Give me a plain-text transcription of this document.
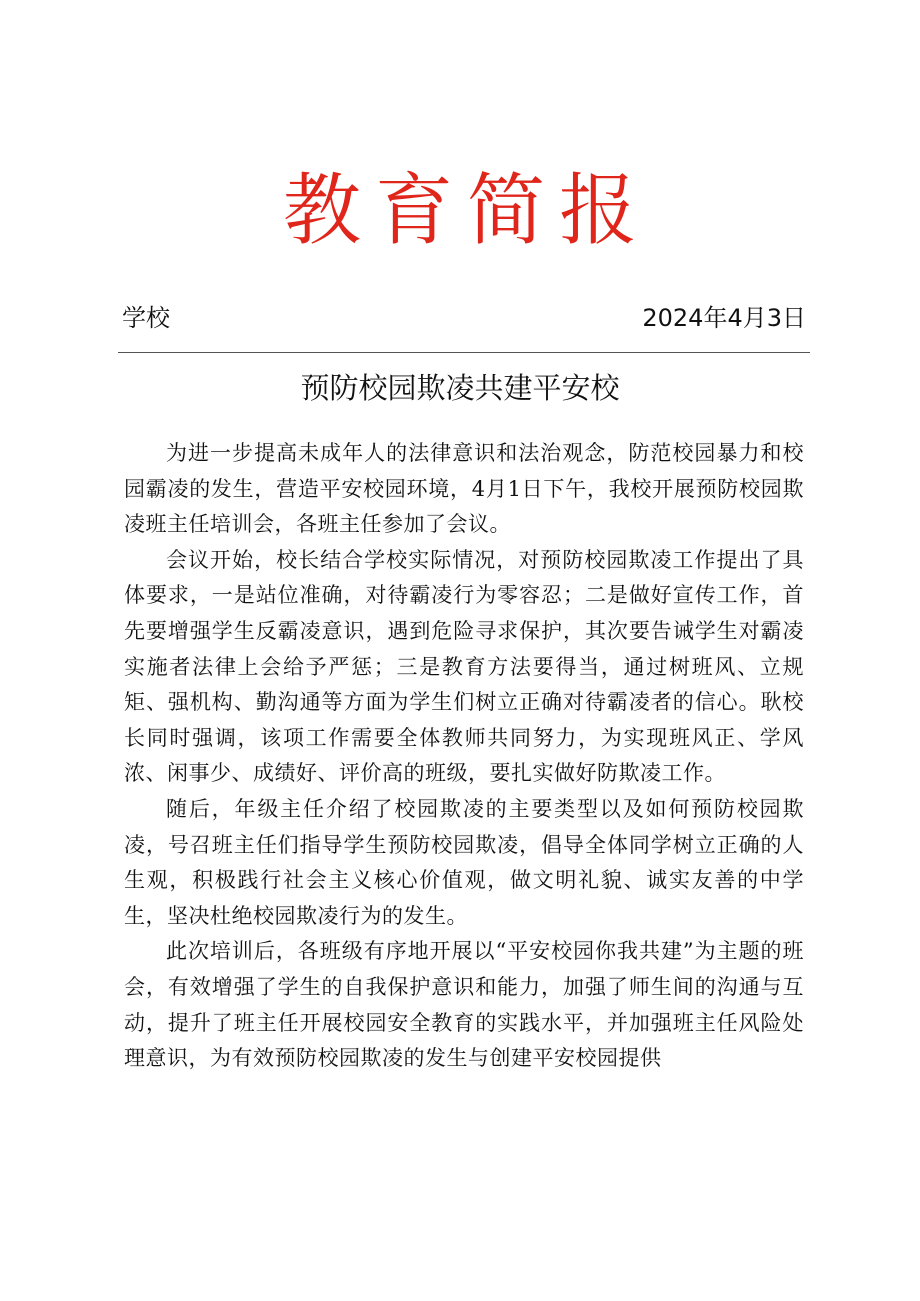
教育简报
学校	2024年4月3日
预防校园欺凌共建平安校

为进一步提高未成年人的法律意识和法治观念，防范校园暴力和校园霸凌的发生，营造平安校园环境，4月1日下午，我校开展预防校园欺凌班主任培训会，各班主任参加了会议。

会议开始，校长结合学校实际情况，对预防校园欺凌工作提出了具体要求，一是站位准确，对待霸凌行为零容忍；二是做好宣传工作，首先要增强学生反霸凌意识，遇到危险寻求保护，其次要告诫学生对霸凌实施者法律上会给予严惩；三是教育方法要得当，通过树班风、立规矩、强机构、勤沟通等方面为学生们树立正确对待霸凌者的信心。耿校长同时强调，该项工作需要全体教师共同努力，为实现班风正、学风浓、闲事少、成绩好、评价高的班级，要扎实做好防欺凌工作。

随后，年级主任介绍了校园欺凌的主要类型以及如何预防校园欺凌，号召班主任们指导学生预防校园欺凌，倡导全体同学树立正确的人生观，积极践行社会主义核心价值观，做文明礼貌、诚实友善的中学生，坚决杜绝校园欺凌行为的发生。

此次培训后，各班级有序地开展以“平安校园你我共建”为主题的班会，有效增强了学生的自我保护意识和能力，加强了师生间的沟通与互动，提升了班主任开展校园安全教育的实践水平，并加强班主任风险处理意识，为有效预防校园欺凌的发生与创建平安校园提供
